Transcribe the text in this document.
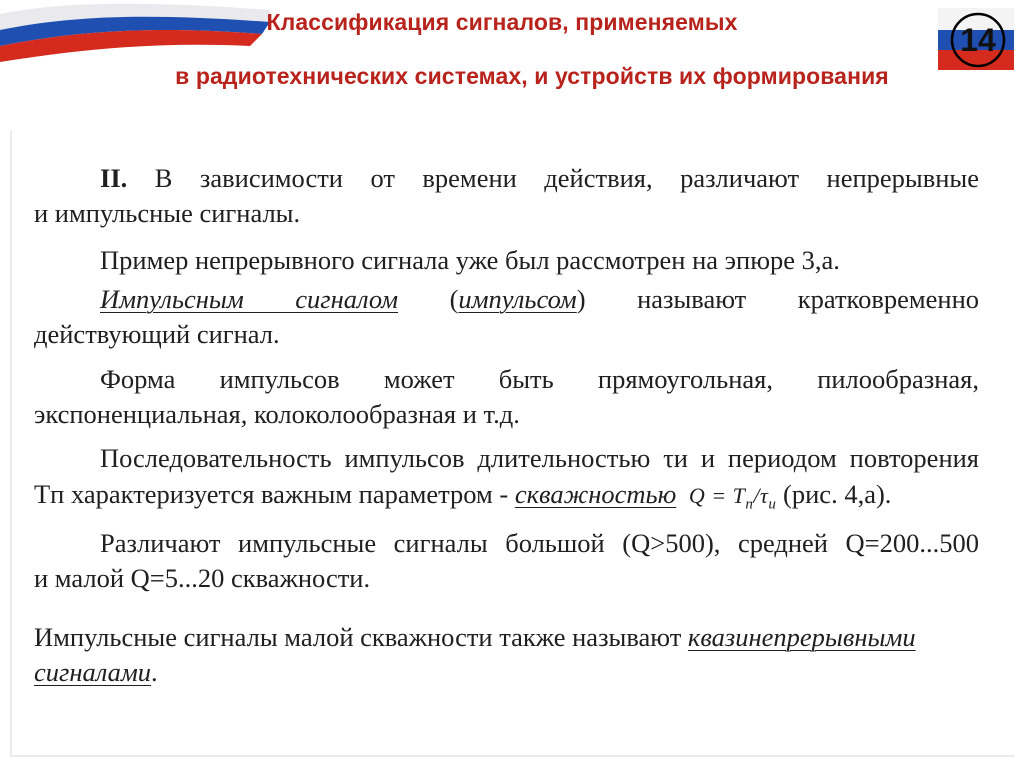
14
Классификация сигналов, применяемых
в радиотехнических системах, и устройств их формирования

II. В зависимости от времени действия, различают непрерывные

и импульсные сигналы.

Пример непрерывного сигнала уже был рассмотрен на эпюре 3,а.

Импульсным сигналом (импульсом) называют кратковременно

действующий сигнал.

Форма импульсов может быть прямоугольная, пилообразная,

экспоненциальная, колоколообразная и т.д.

Последовательность импульсов длительностью τи и периодом повторения

Tп характеризуется важным параметром - скважностью $Q = T_п/\tau_и$ (рис. 4,а).

Различают импульсные сигналы большой (Q>500), средней Q=200...500

и малой Q=5...20 скважности.

Импульсные сигналы малой скважности также называют квазинепрерывными

сигналами.
